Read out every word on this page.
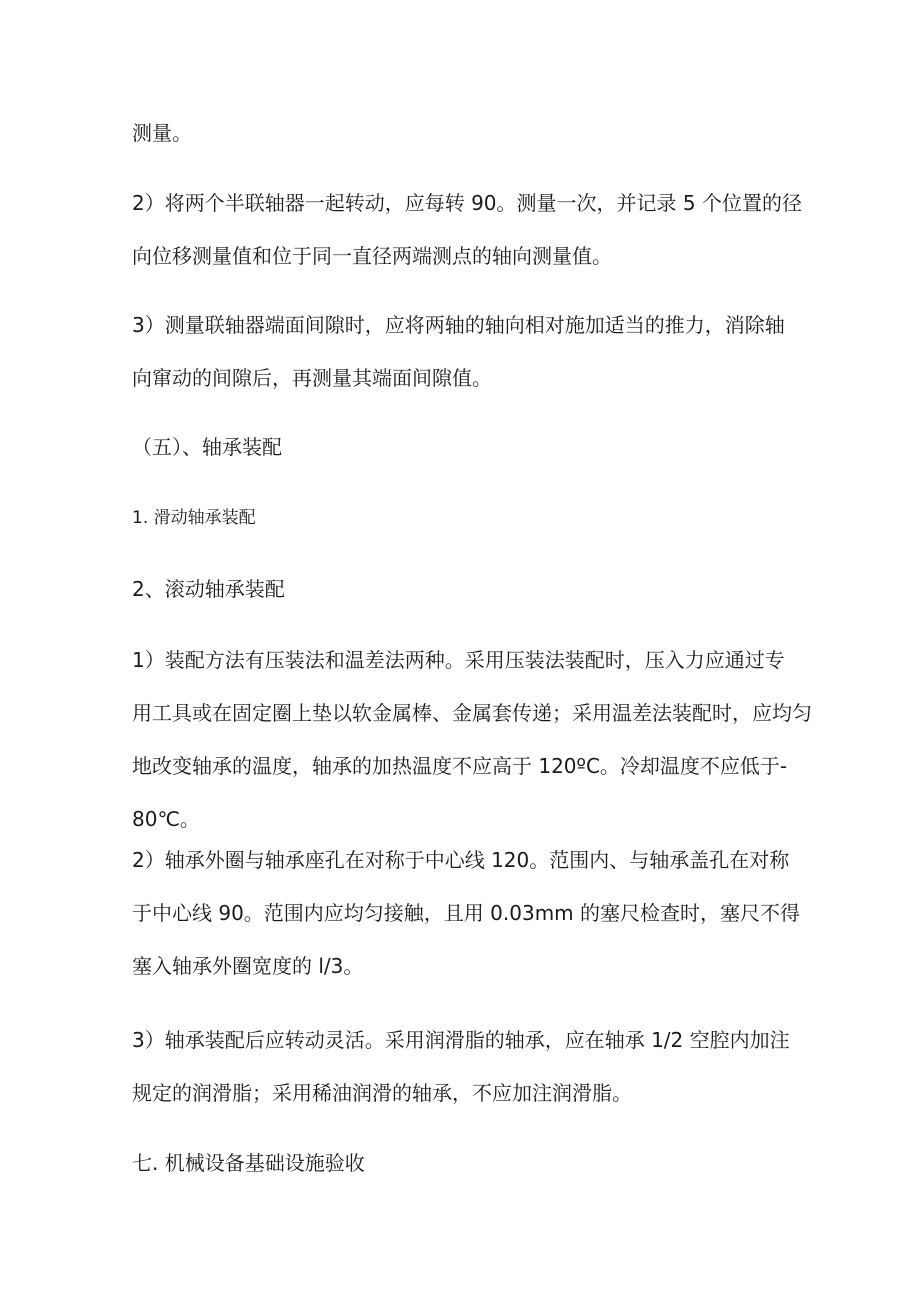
测量。

2）将两个半联轴器一起转动，应每转 90。测量一次，并记录 5 个位置的径
向位移测量值和位于同一直径两端测点的轴向测量值。

3）测量联轴器端面间隙时，应将两轴的轴向相对施加适当的推力，消除轴
向窜动的间隙后，再测量其端面间隙值。

（五）、轴承装配

1. 滑动轴承装配

2、滚动轴承装配

1）装配方法有压装法和温差法两种。采用压装法装配时，压入力应通过专
用工具或在固定圈上垫以软金属棒、金属套传递；采用温差法装配时，应均匀
地改变轴承的温度，轴承的加热温度不应高于 120ºC。冷却温度不应低于-
80℃。

2）轴承外圈与轴承座孔在对称于中心线 120。范围内、与轴承盖孔在对称
于中心线 90。范围内应均匀接触，且用 0.03mm 的塞尺检查时，塞尺不得
塞入轴承外圈宽度的 l/3。

3）轴承装配后应转动灵活。采用润滑脂的轴承，应在轴承 1/2 空腔内加注
规定的润滑脂；采用稀油润滑的轴承，不应加注润滑脂。

七. 机械设备基础设施验收
